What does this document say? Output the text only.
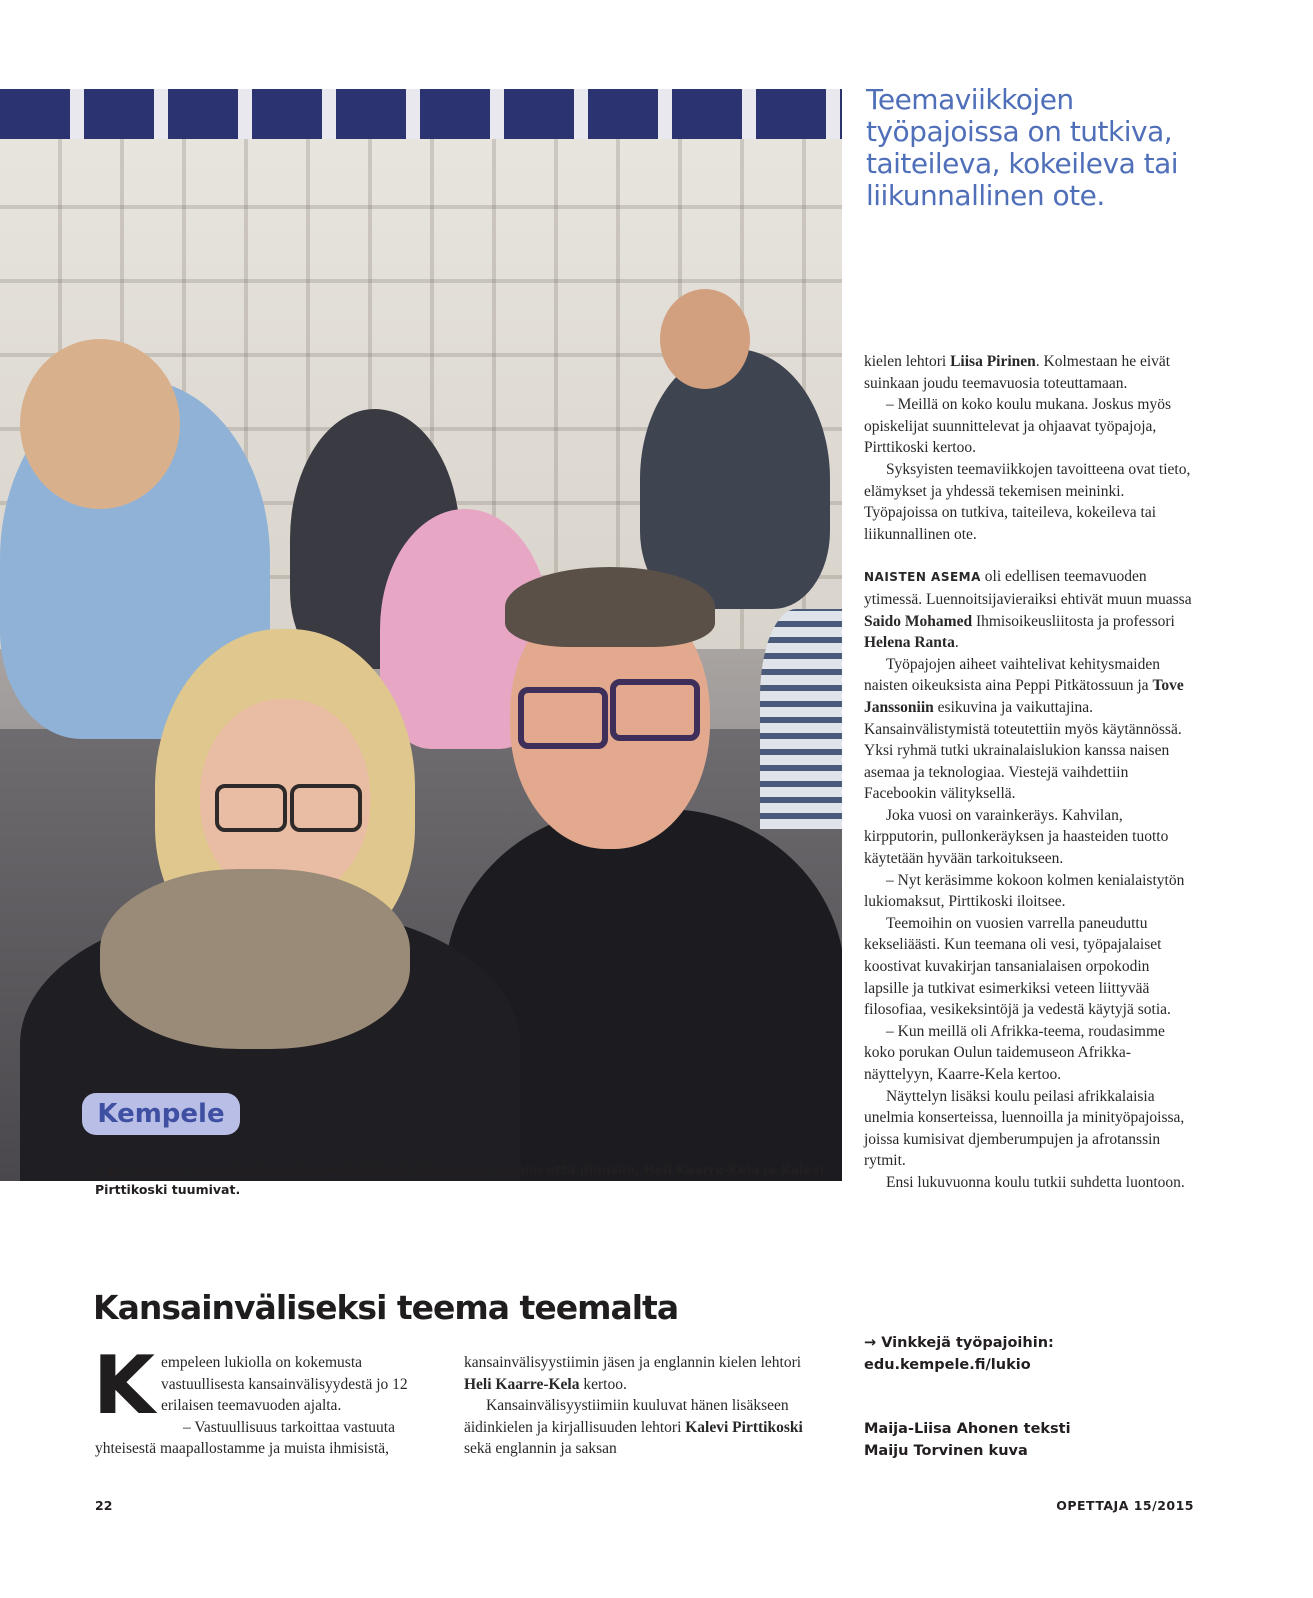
Kempele
► Eri vuosien kansainvälisyysteemat jättävät jäljen sekä seiniin että ihmisiin, Heli Kaarre-Kela ja Kalevi Pirttikoski tuumivat.
Teemaviikkojen työpajoissa on tutkiva, taiteileva, kokeileva tai liikunnallinen ote.
Kansainväliseksi teema teemalta

Kempeleen lukiolla on kokemusta vastuullisesta kansainvälisyydestä jo 12 erilaisen teemavuoden ajalta.

– Vastuullisuus tarkoittaa vastuuta yhteisestä maapallostamme ja muista ihmisistä,

kansainvälisyystiimin jäsen ja englannin kielen lehtori Heli Kaarre-Kela kertoo.

Kansainvälisyystiimiin kuuluvat hänen lisäkseen äidinkielen ja kirjallisuuden lehtori Kalevi Pirttikoski sekä englannin ja saksan

kielen lehtori Liisa Pirinen. Kolmestaan he eivät suinkaan joudu teemavuosia toteuttamaan.

– Meillä on koko koulu mukana. Joskus myös opiskelijat suunnittelevat ja ohjaavat työpajoja, Pirttikoski kertoo.

Syksyisten teemaviikkojen tavoitteena ovat tieto, elämykset ja yhdessä tekemisen meininki. Työpajoissa on tutkiva, taiteileva, kokeileva tai liikunnallinen ote.

NAISTEN ASEMA oli edellisen teemavuoden ytimessä. Luennoitsijavieraiksi ehtivät muun muassa Saido Mohamed Ihmisoikeusliitosta ja professori Helena Ranta.

Työpajojen aiheet vaihtelivat kehitysmaiden naisten oikeuksista aina Peppi Pitkätossuun ja Tove Janssoniin esikuvina ja vaikuttajina. Kansainvälistymistä toteutettiin myös käytännössä. Yksi ryhmä tutki ukrainalaislukion kanssa naisen asemaa ja teknologiaa. Viestejä vaihdettiin Facebookin välityksellä.

Joka vuosi on varainkeräys. Kahvilan, kirpputorin, pullonkeräyksen ja haasteiden tuotto käytetään hyvään tarkoitukseen.

– Nyt keräsimme kokoon kolmen kenialaistytön lukiomaksut, Pirttikoski iloitsee.

Teemoihin on vuosien varrella paneuduttu kekseliäästi. Kun teemana oli vesi, työpajalaiset koostivat kuvakirjan tansanialaisen orpokodin lapsille ja tutkivat esimerkiksi veteen liittyvää filosofiaa, vesikeksintöjä ja vedestä käytyjä sotia.

– Kun meillä oli Afrikka-teema, roudasimme koko porukan Oulun taidemuseon Afrikka-näyttelyyn, Kaarre-Kela kertoo.

Näyttelyn lisäksi koulu peilasi afrikkalaisia unelmia konserteissa, luennoilla ja minityöpajoissa, joissa kumisivat djemberumpujen ja afrotanssin rytmit.

Ensi lukuvuonna koulu tutkii suhdetta luontoon.

→ Vinkkejä työpajoihin:
edu.kempele.fi/lukio
Maija-Liisa Ahonen teksti
Maiju Torvinen kuva
22	OPETTAJA 15/2015
